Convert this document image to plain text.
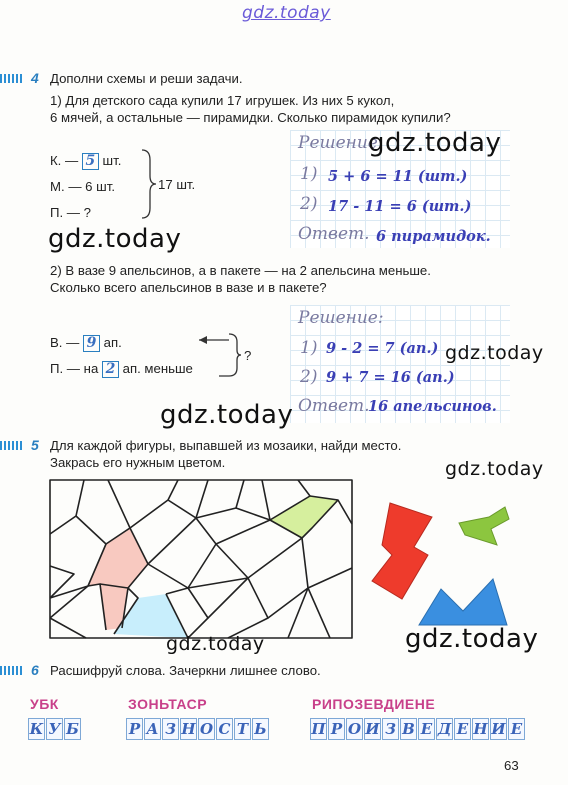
gdz.today
4 Дополни схемы и реши задачи.
1) Для детского сада купили 17 игрушек. Из них 5 кукол,
6 мячей, а остальные — пирамидки. Сколько пирамидок купили?
К. — 5 шт.
М. — 6 шт.
П. — ?
17 шт.
Решение
1) 5 + 6 = 11 (шт.)
2) 17 - 11 = 6 (шт.)
Ответ. 6 пирамидок.
gdz.today
gdz.today
2) В вазе 9 апельсинов, а в пакете — на 2 апельсина меньше.
Сколько всего апельсинов в вазе и в пакете?
В. — 9 ап.
П. — на 2 ап. меньше
?
Решение:
1) 9 - 2 = 7 (ап.)
2) 9 + 7 = 16 (ап.)
Ответ.
16 апельсинов.
gdz.today
gdz.today
5 Для каждой фигуры, выпавшей из мозаики, найди место.
Закрась его нужным цветом.	gdz.today
gdz.today	gdz.today
6 Расшифруй слова. Зачеркни лишнее слово.
УБК	ЗОНЬТАСР	РИПОЗЕВДИЕНЕ
К У Б	Р А З Н О С Т Ь	П Р О И З В Е Д Е Н И Е
63
